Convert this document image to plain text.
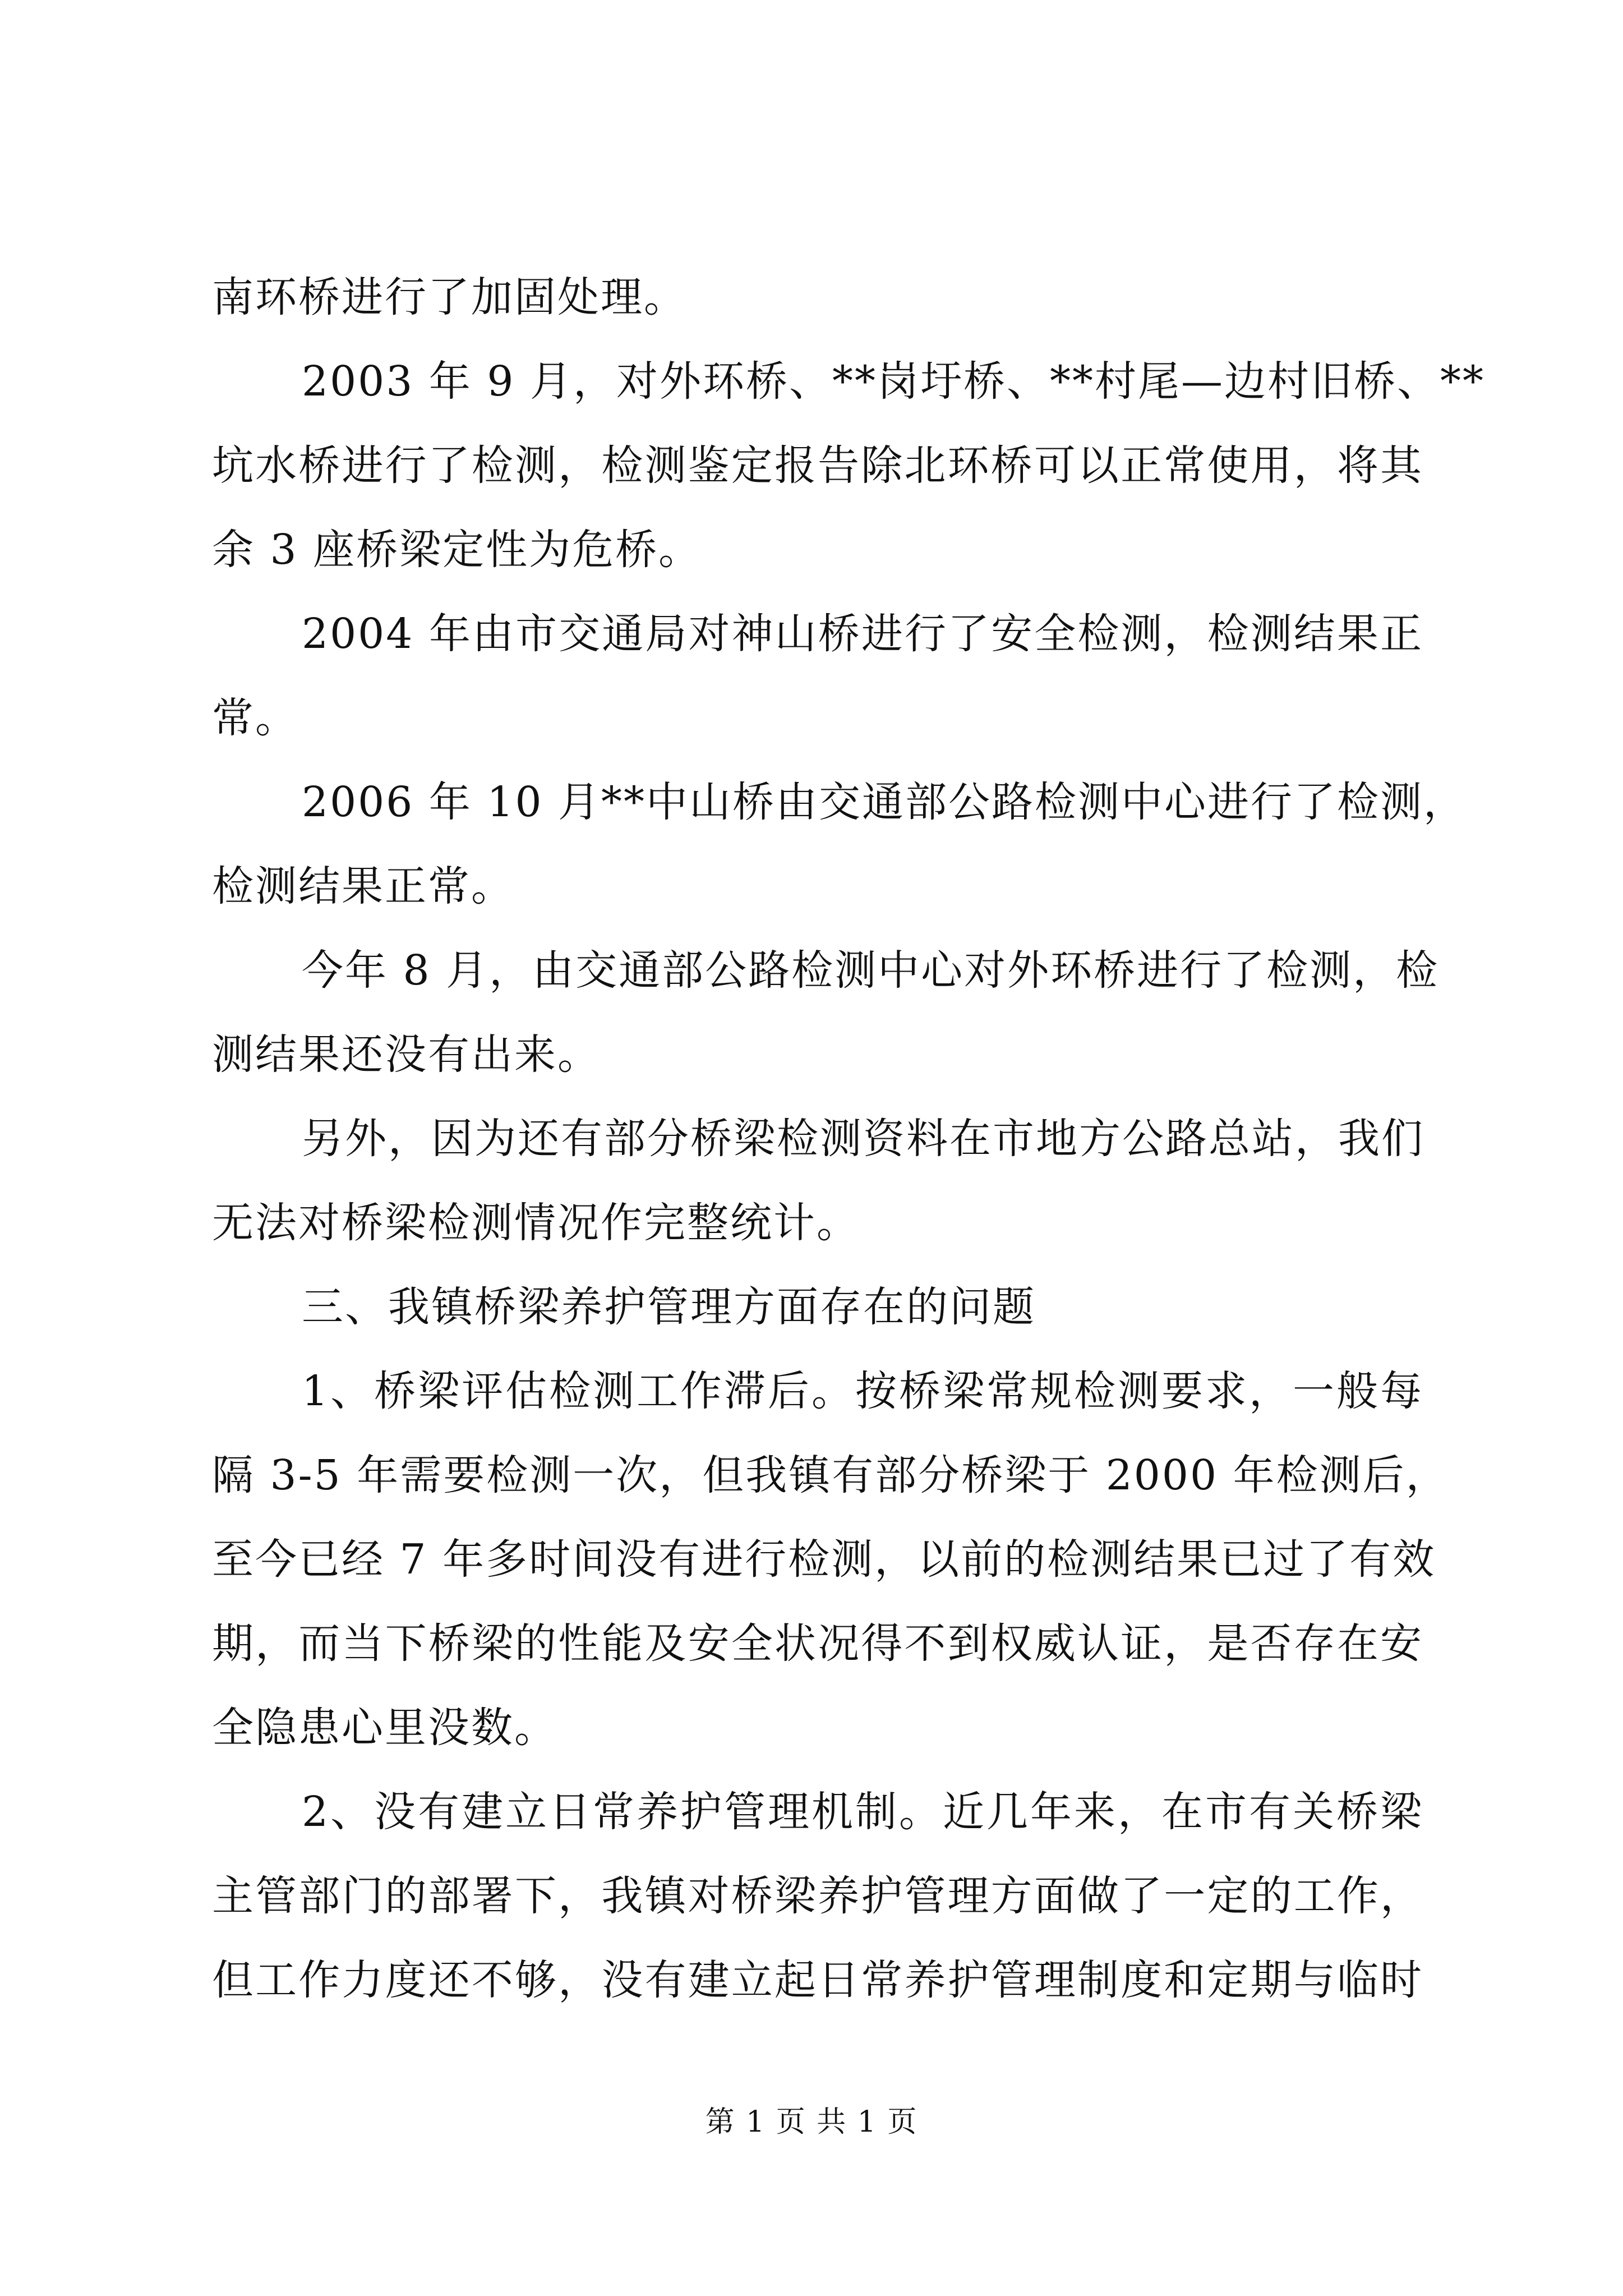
南环桥进行了加固处理。
2003 年 9 月，对外环桥、**岗圩桥、**村尾—边村旧桥、**
坑水桥进行了检测，检测鉴定报告除北环桥可以正常使用，将其
余 3 座桥梁定性为危桥。
2004 年由市交通局对神山桥进行了安全检测，检测结果正
常。
2006 年 10 月**中山桥由交通部公路检测中心进行了检测，
检测结果正常。
今年 8 月，由交通部公路检测中心对外环桥进行了检测，检
测结果还没有出来。
另外，因为还有部分桥梁检测资料在市地方公路总站，我们
无法对桥梁检测情况作完整统计。
三、我镇桥梁养护管理方面存在的问题
1、桥梁评估检测工作滞后。按桥梁常规检测要求，一般每
隔 3-5 年需要检测一次，但我镇有部分桥梁于 2000 年检测后，
至今已经 7 年多时间没有进行检测，以前的检测结果已过了有效
期，而当下桥梁的性能及安全状况得不到权威认证，是否存在安
全隐患心里没数。
2、没有建立日常养护管理机制。近几年来，在市有关桥梁
主管部门的部署下，我镇对桥梁养护管理方面做了一定的工作，
但工作力度还不够，没有建立起日常养护管理制度和定期与临时
第 1 页 共 1 页
